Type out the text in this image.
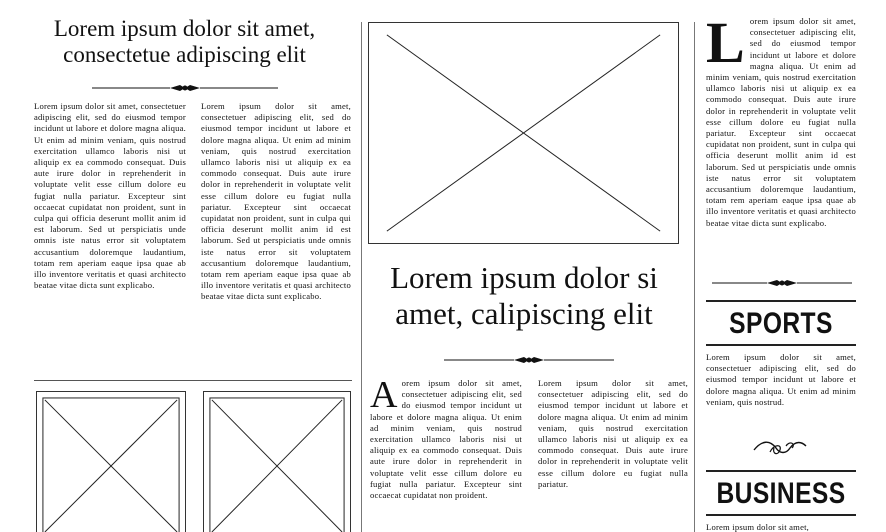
Lorem ipsum dolor sit amet, consectetue adipiscing elit
Lorem ipsum dolor sit amet, consectetuer adipiscing elit, sed do eiusmod tempor incidunt ut labore et dolore magna aliqua. Ut enim ad minim veniam, quis nostrud exercitation ullamco laboris nisi ut aliquip ex ea commodo consequat. Duis aute irure dolor in reprehenderit in voluptate velit esse cillum dolore eu fugiat nulla pariatur. Excepteur sint occaecat cupidatat non proident, sunt in culpa qui officia deserunt mollit anim id est laborum. Sed ut perspiciatis unde omnis iste natus error sit voluptatem accusantium doloremque laudantium, totam rem aperiam eaque ipsa quae ab illo inventore veritatis et quasi architecto beatae vitae dicta sunt explicabo.
Lorem ipsum dolor sit amet, consectetuer adipiscing elit, sed do eiusmod tempor incidunt ut labore et dolore magna aliqua. Ut enim ad minim veniam, quis nostrud exercitation ullamco laboris nisi ut aliquip ex ea commodo consequat. Duis aute irure dolor in reprehenderit in voluptate velit esse cillum dolore eu fugiat nulla pariatur. Excepteur sint occaecat cupidatat non proident, sunt in culpa qui officia deserunt mollit anim id est laborum. Sed ut perspiciatis unde omnis iste natus error sit voluptatem accusantium doloremque laudantium, totam rem aperiam eaque ipsa quae ab illo inventore veritatis et quasi architecto beatae vitae dicta sunt explicabo.
Lorem ipsum dolor si amet, calipiscing elit
A orem ipsum dolor sit amet, consectetuer adipiscing elit, sed do eiusmod tempor incidunt ut labore et dolore magna aliqua. Ut enim ad minim veniam, quis nostrud exercitation ullamco laboris nisi ut aliquip ex ea commodo consequat. Duis aute irure dolor in reprehenderit in voluptate velit esse cillum dolore eu fugiat nulla pariatur. Excepteur sint occaecat cupidatat non proident.
Lorem ipsum dolor sit amet, consectetuer adipiscing elit, sed do eiusmod tempor incidunt ut labore et dolore magna aliqua. Ut enim ad minim veniam, quis nostrud exercitation ullamco laboris nisi ut aliquip ex ea commodo consequat. Duis aute irure dolor in reprehenderit in voluptate velit esse cillum dolore eu fugiat nulla pariatur.
L orem ipsum dolor sit amet, consectetuer adipiscing elit, sed do eiusmod tempor incidunt ut labore et dolore magna aliqua. Ut enim ad minim veniam, quis nostrud exercitation ullamco laboris nisi ut aliquip ex ea commodo consequat. Duis aute irure dolor in reprehenderit in voluptate velit esse cillum dolore eu fugiat nulla pariatur. Excepteur sint occaecat cupidatat non proident, sunt in culpa qui officia deserunt mollit anim id est laborum. Sed ut perspiciatis unde omnis iste natus error sit voluptatem accusantium doloremque laudantium, totam rem aperiam eaque ipsa quae ab illo inventore veritatis et quasi architecto beatae vitae dicta sunt explicabo.
SPORTS
Lorem ipsum dolor sit amet, consectetuer adipiscing elit, sed do eiusmod tempor incidunt ut labore et dolore magna aliqua. Ut enim ad minim veniam, quis nostrud.
BUSINESS
Lorem ipsum dolor sit amet,
